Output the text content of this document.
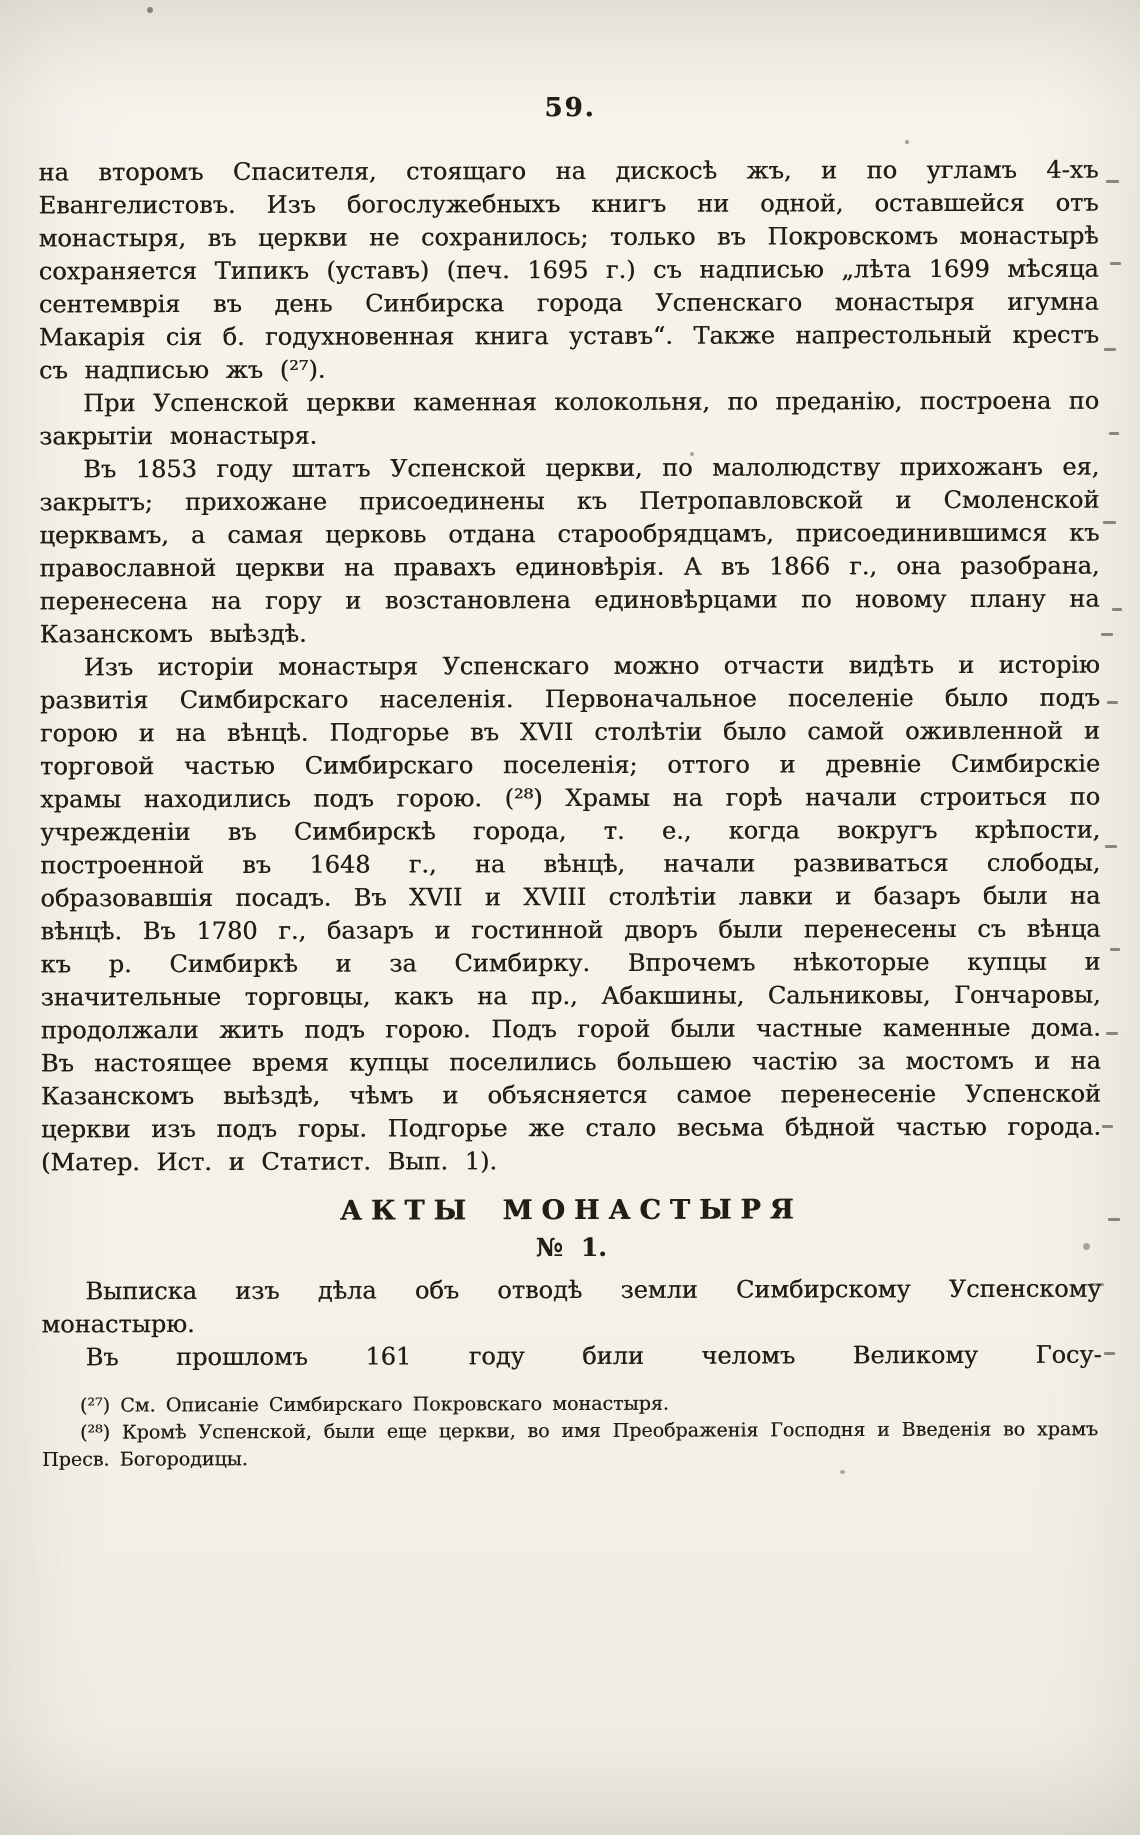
59.

на второмъ Спасителя, стоящаго на дискосѣ жъ, и по угламъ 4-хъ Евангелистовъ. Изъ богослужебныхъ книгъ ни одной, оставшейся отъ монастыря, въ церкви не сохранилось; только въ Покровскомъ монастырѣ сохраняется Типикъ (уставъ) (печ. 1695 г.) съ надписью „лѣта 1699 мѣсяца сентемврія въ день Синбирска города Успенскаго монастыря игумна Макарія сія б. годухновенная книга уставъ“. Также напрестольный крестъ съ надписью жъ (²⁷).

При Успенской церкви каменная колокольня, по преданію, построена по закрытіи монастыря.

Въ 1853 году штатъ Успенской церкви, по малолюдству прихожанъ ея, закрытъ; прихожане присоединены къ Петропавловской и Смоленской церквамъ, а самая церковь отдана старообрядцамъ, присоединившимся къ православной церкви на правахъ единовѣрія. А въ 1866 г., она разобрана, перенесена на гору и возстановлена единовѣрцами по новому плану на Казанскомъ выѣздѣ.

Изъ исторіи монастыря Успенскаго можно отчасти видѣть и исторію развитія Симбирскаго населенія. Первоначальное поселеніе было подъ горою и на вѣнцѣ. Подгорье въ XVII столѣтіи было самой оживленной и торговой частью Симбирскаго поселенія; оттого и древніе Симбирскіе храмы находились подъ горою. (²⁸) Храмы на горѣ начали строиться по учрежденіи въ Симбирскѣ города, т. е., когда вокругъ крѣпости, построенной въ 1648 г., на вѣнцѣ, начали развиваться слободы, образовавшія посадъ. Въ XVII и XVIII столѣтіи лавки и базаръ были на вѣнцѣ. Въ 1780 г., базаръ и гостинной дворъ были перенесены съ вѣнца къ р. Симбиркѣ и за Симбирку. Впрочемъ нѣкоторые купцы и значительные торговцы, какъ на пр., Абакшины, Сальниковы, Гончаровы, продолжали жить подъ горою. Подъ горой были частные каменные дома. Въ настоящее время купцы поселились большею частію за мостомъ и на Казанскомъ выѣздѣ, чѣмъ и объясняется самое перенесеніе Успенской церкви изъ подъ горы. Подгорье же стало весьма бѣдной частью города. (Матер. Ист. и Статист. Вып. 1).

АКТЫ МОНАСТЫРЯ
№ 1.

Выписка изъ дѣла объ отводѣ земли Симбирскому Успенскому монастырю.

Въ прошломъ 161 году били челомъ Великому Госу-

(²⁷) См. Описаніе Симбирскаго Покровскаго монастыря.

(²⁸) Кромѣ Успенской, были еще церкви, во имя Преображенія Господня и Введенія во храмъ Пресв. Богородицы.
